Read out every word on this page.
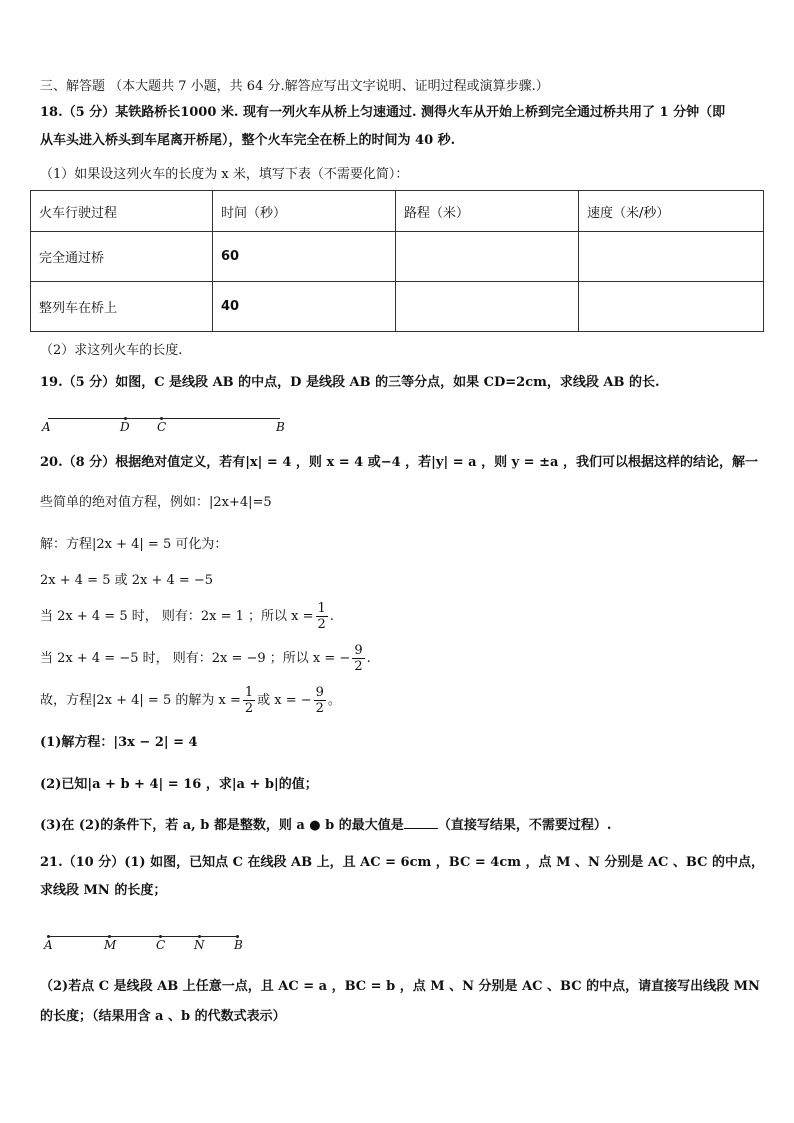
三、解答题 （本大题共 7 小题，共 64 分.解答应写出文字说明、证明过程或演算步骤.）
18.（5 分）某铁路桥长1000 米. 现有一列火车从桥上匀速通过. 测得火车从开始上桥到完全通过桥共用了 1 分钟（即
从车头进入桥头到车尾离开桥尾），整个火车完全在桥上的时间为 40 秒.
（1）如果设这列火车的长度为 x 米，填写下表（不需要化简）：
火车行驶过程	时间（秒）	路程（米）	速度（米/秒）
完全通过桥	60		
整列车在桥上	40		
（2）求这列火车的长度.
19.（5 分）如图，C 是线段 AB 的中点，D 是线段 AB 的三等分点，如果 CD=2cm，求线段 AB 的长.
A	D C	B
20.（8 分）根据绝对值定义，若有|x| = 4 ，则 x = 4 或−4 ，若|y| = a ，则 y = ±a ，我们可以根据这样的结论，解一
些简单的绝对值方程，例如：|2x+4|=5
解：方程|2x + 4| = 5 可化为：
2x + 4 = 5 或 2x + 4 = −5
当 2x + 4 = 5 时， 则有：2x = 1 ；所以 $x = \frac{1}{2}$ .
当 2x + 4 = −5 时， 则有：2x = −9 ；所以 x = − $\frac{9}{2}$ .
故，方程|2x + 4| = 5 的解为 $x = \frac{1}{2}$ 或 x = − $\frac{9}{2}$ 。
(1)解方程：|3x − 2| = 4
(2)已知|a + b + 4| = 16 ，求|a + b|的值；
(3)在 (2)的条件下，若 a, b 都是整数，则 a ● b 的最大值是	（直接写结果，不需要过程）.
21.（10 分）(1) 如图，已知点 C 在线段 AB 上，且 AC = 6cm ，BC = 4cm ，点 M 、N 分别是 AC 、BC 的中点，
求线段 MN 的长度；
A	M	C N B
（2)若点 C 是线段 AB 上任意一点，且 AC = a ，BC = b ，点 M 、N 分别是 AC 、BC 的中点，请直接写出线段 MN
的长度；（结果用含 a 、b 的代数式表示）
